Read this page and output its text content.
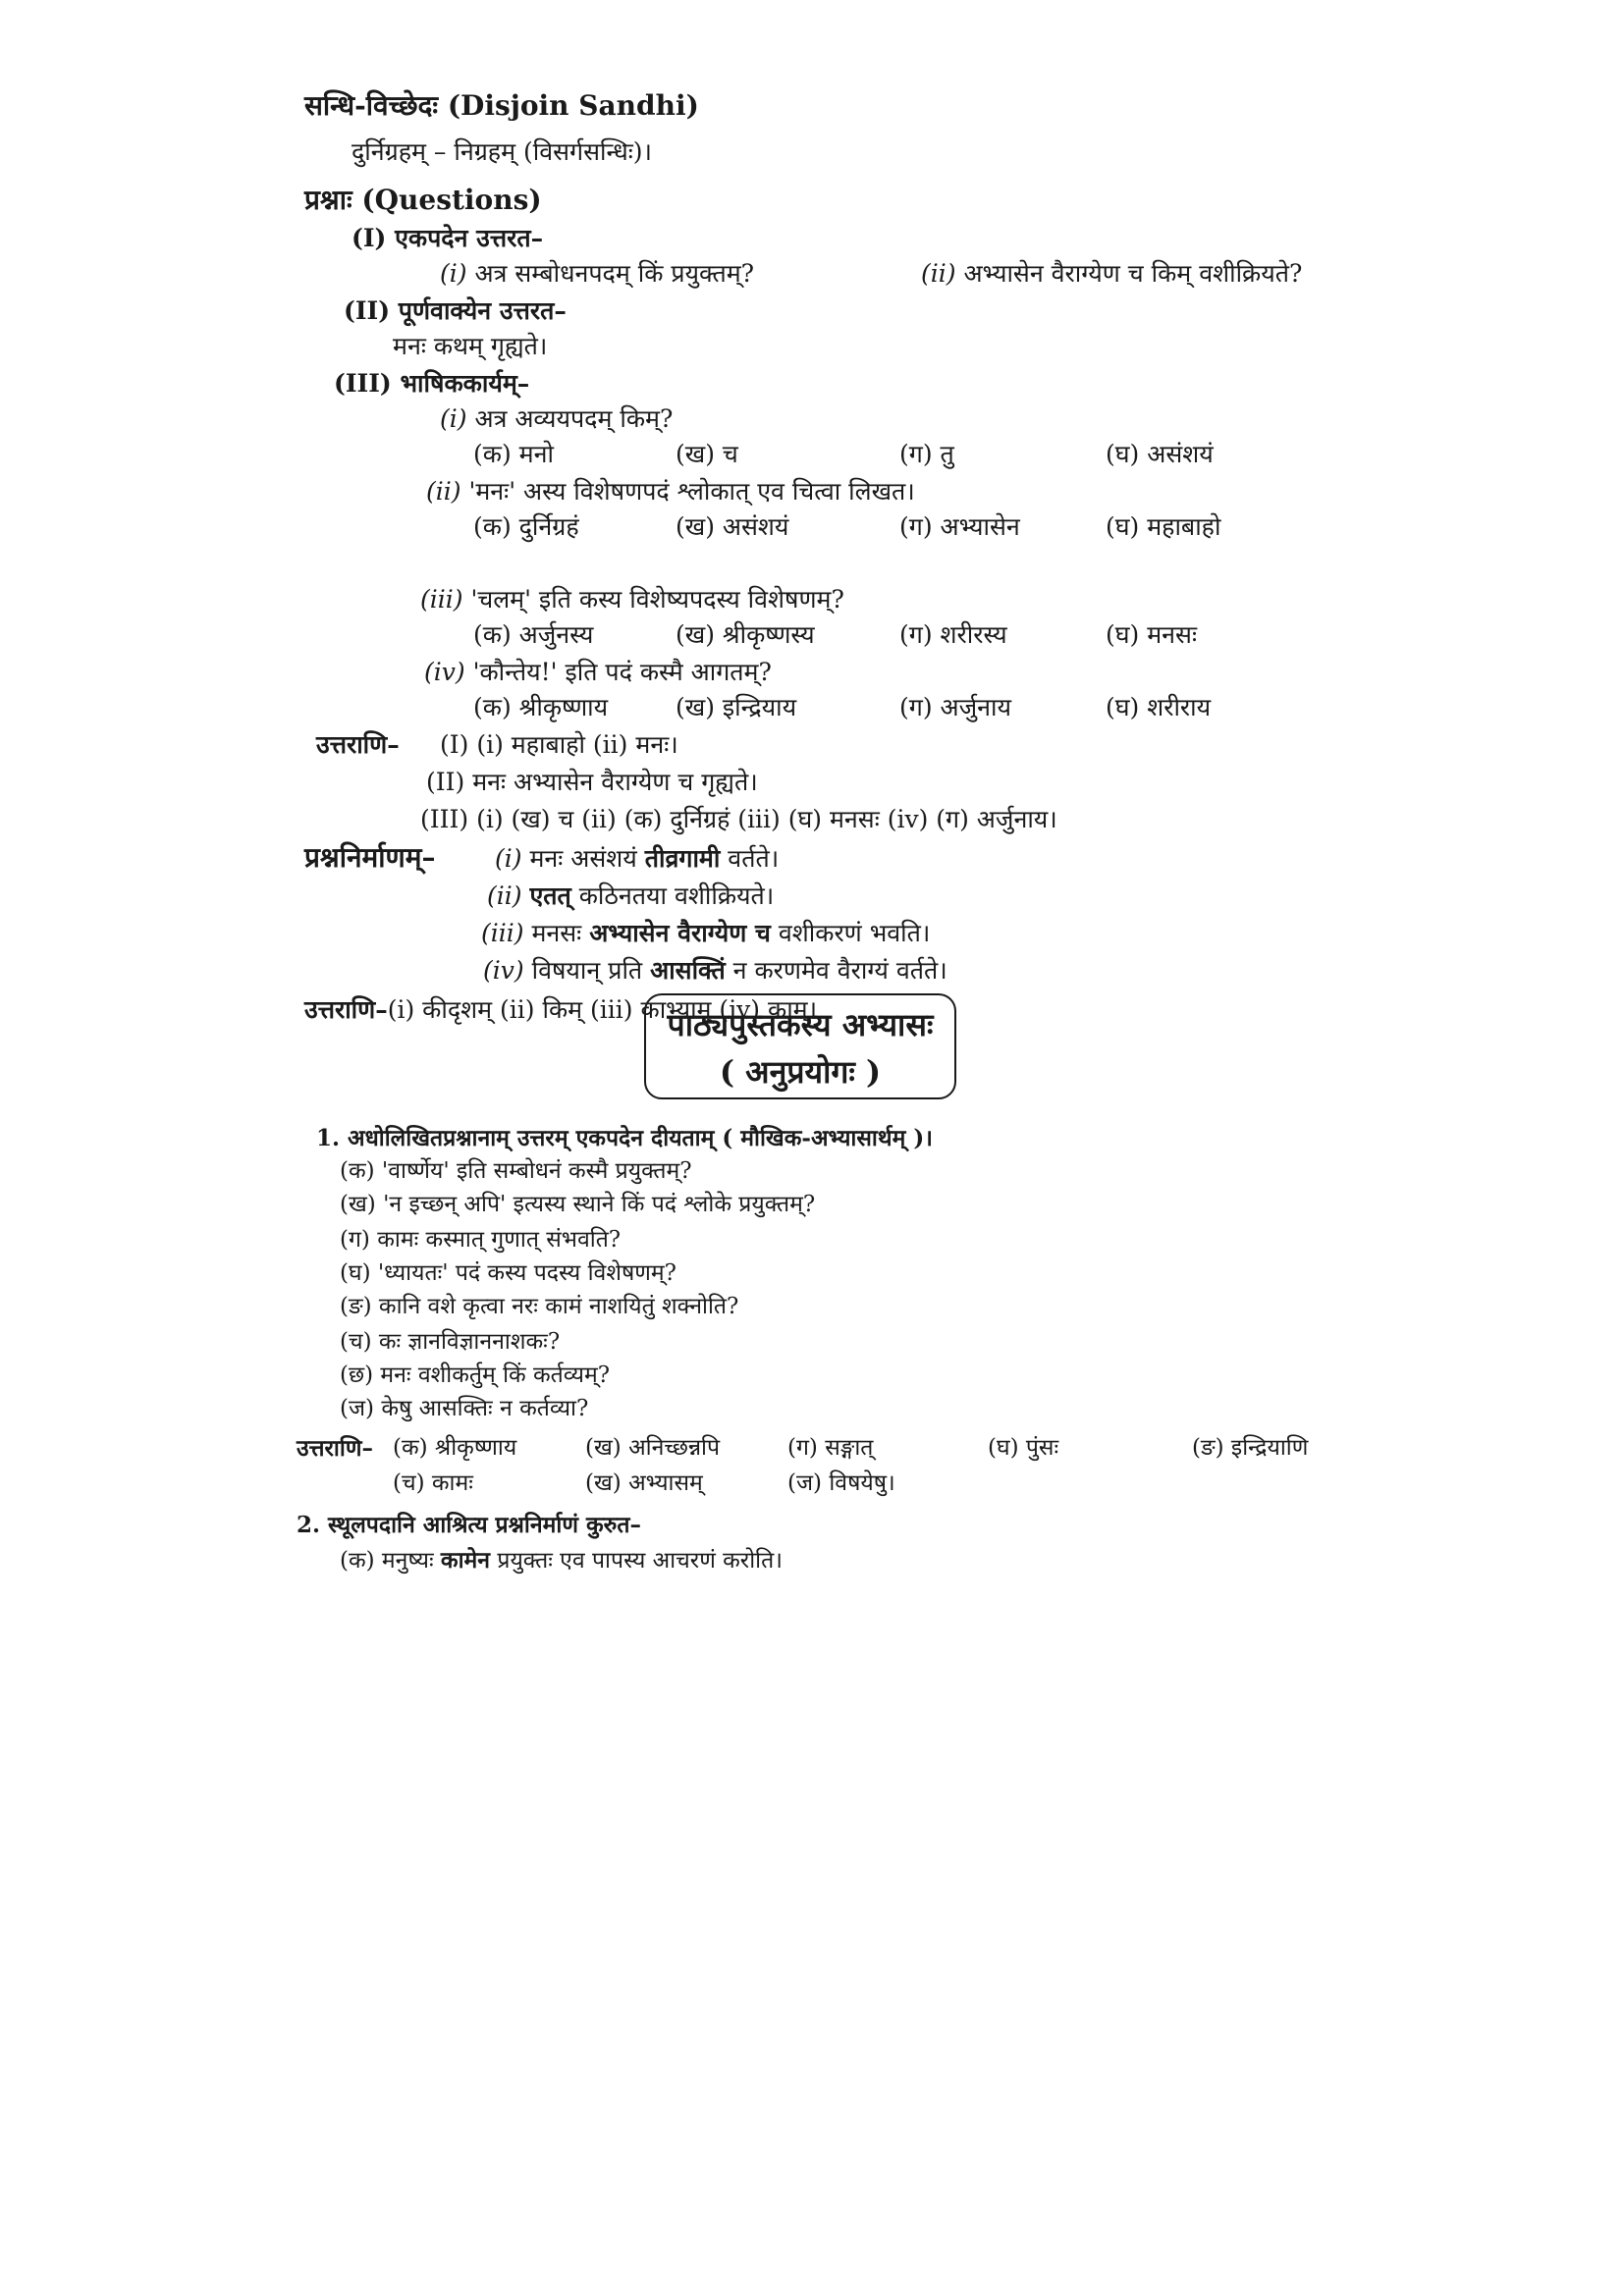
सन्धि-विच्छेदः (Disjoin Sandhi)
दुर्निग्रहम् – निग्रहम् (विसर्गसन्धिः)।
प्रश्नाः (Questions)
(I) एकपदेन उत्तरत–
(i) अत्र सम्बोधनपदम् किं प्रयुक्तम्?	(ii) अभ्यासेन वैराग्येण च किम् वशीक्रियते?
(II) पूर्णवाक्येन उत्तरत–
मनः कथम् गृह्यते।
(III) भाषिककार्यम्–
(i) अत्र अव्ययपदम् किम्?
(क) मनो	(ख) च	(ग) तु	(घ) असंशयं
(ii) 'मनः' अस्य विशेषणपदं श्लोकात् एव चित्वा लिखत।
(क) दुर्निग्रहं	(ख) असंशयं	(ग) अभ्यासेन	(घ) महाबाहो
(iii) 'चलम्' इति कस्य विशेष्यपदस्य विशेषणम्?
(क) अर्जुनस्य	(ख) श्रीकृष्णस्य	(ग) शरीरस्य	(घ) मनसः
(iv) 'कौन्तेय!' इति पदं कस्मै आगतम्?
(क) श्रीकृष्णाय	(ख) इन्द्रियाय	(ग) अर्जुनाय	(घ) शरीराय
उत्तराणि– (I) (i) महाबाहो (ii) मनः।
(II) मनः अभ्यासेन वैराग्येण च गृह्यते।
(III) (i) (ख) च (ii) (क) दुर्निग्रहं (iii) (घ) मनसः (iv) (ग) अर्जुनाय।
प्रश्ननिर्माणम्– (i) मनः असंशयं तीव्रगामी वर्तते।
(ii) एतत् कठिनतया वशीक्रियते।
(iii) मनसः अभ्यासेन वैराग्येण च वशीकरणं भवति।
(iv) विषयान् प्रति आसक्तिं न करणमेव वैराग्यं वर्तते।
उत्तराणि–(i) कीदृशम् (ii) किम् (iii) काभ्याम् (iv) काम्।
पाठ्यपुस्तकस्य अभ्यासः
( अनुप्रयोगः )
1. अधोलिखितप्रश्नानाम् उत्तरम् एकपदेन दीयताम् ( मौखिक-अभ्यासार्थम् )।
(क) 'वार्ष्णेय' इति सम्बोधनं कस्मै प्रयुक्तम्?
(ख) 'न इच्छन् अपि' इत्यस्य स्थाने किं पदं श्लोके प्रयुक्तम्?
(ग) कामः कस्मात् गुणात् संभवति?
(घ) 'ध्यायतः' पदं कस्य पदस्य विशेषणम्?
(ङ) कानि वशे कृत्वा नरः कामं नाशयितुं शक्नोति?
(च) कः ज्ञानविज्ञाननाशकः?
(छ) मनः वशीकर्तुम् किं कर्तव्यम्?
(ज) केषु आसक्तिः न कर्तव्या?
उत्तराणि– (क) श्रीकृष्णाय	(ख) अनिच्छन्नपि	(ग) सङ्गात्	(घ) पुंसः	(ङ) इन्द्रियाणि
(च) कामः	(ख) अभ्यासम्	(ज) विषयेषु।
2. स्थूलपदानि आश्रित्य प्रश्ननिर्माणं कुरुत–
(क) मनुष्यः कामेन प्रयुक्तः एव पापस्य आचरणं करोति।
